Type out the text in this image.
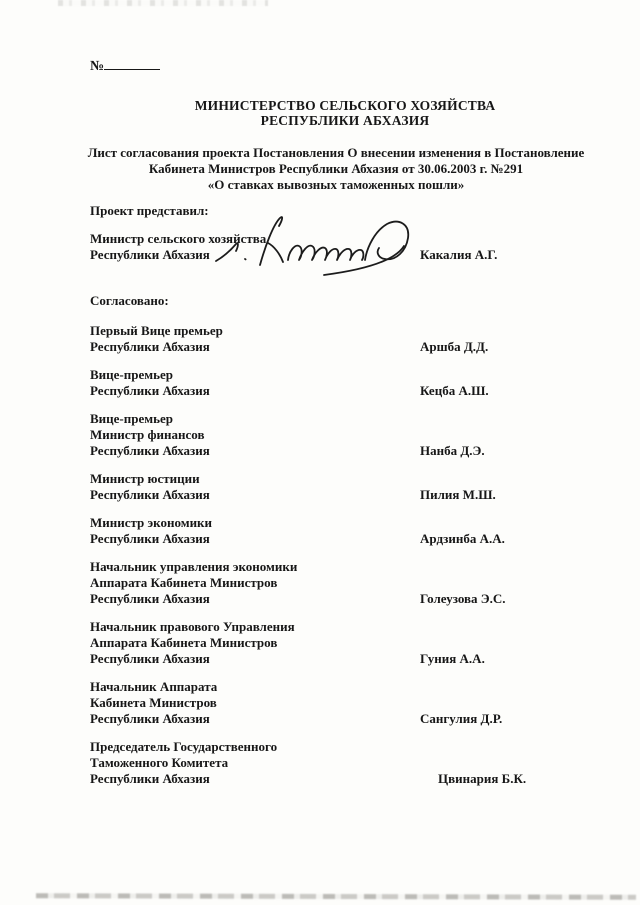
№
МИНИСТЕРСТВО СЕЛЬСКОГО ХОЗЯЙСТВА
РЕСПУБЛИКИ АБХАЗИЯ
Лист согласования проекта Постановления О внесении изменения в Постановление
Кабинета Министров Республики Абхазия от 30.06.2003 г. №291
«О ставках вывозных таможенных пошли»
Проект представил:
Министр сельского хозяйства
Республики Абхазия	Какалия А.Г.
Согласовано:
Первый Вице премьер
Республики Абхазия	Аршба Д.Д.
Вице-премьер
Республики Абхазия	Кецба А.Ш.
Вице-премьер
Министр финансов
Республики Абхазия	Нанба Д.Э.
Министр юстиции
Республики Абхазия	Пилия М.Ш.
Министр экономики
Республики Абхазия	Ардзинба А.А.
Начальник управления экономики
Аппарата Кабинета Министров
Республики Абхазия	Голеузова Э.С.
Начальник правового Управления
Аппарата Кабинета Министров
Республики Абхазия	Гуния А.А.
Начальник Аппарата
Кабинета Министров
Республики Абхазия	Сангулия Д.Р.
Председатель Государственного
Таможенного Комитета
Республики Абхазия	Цвинария Б.К.
